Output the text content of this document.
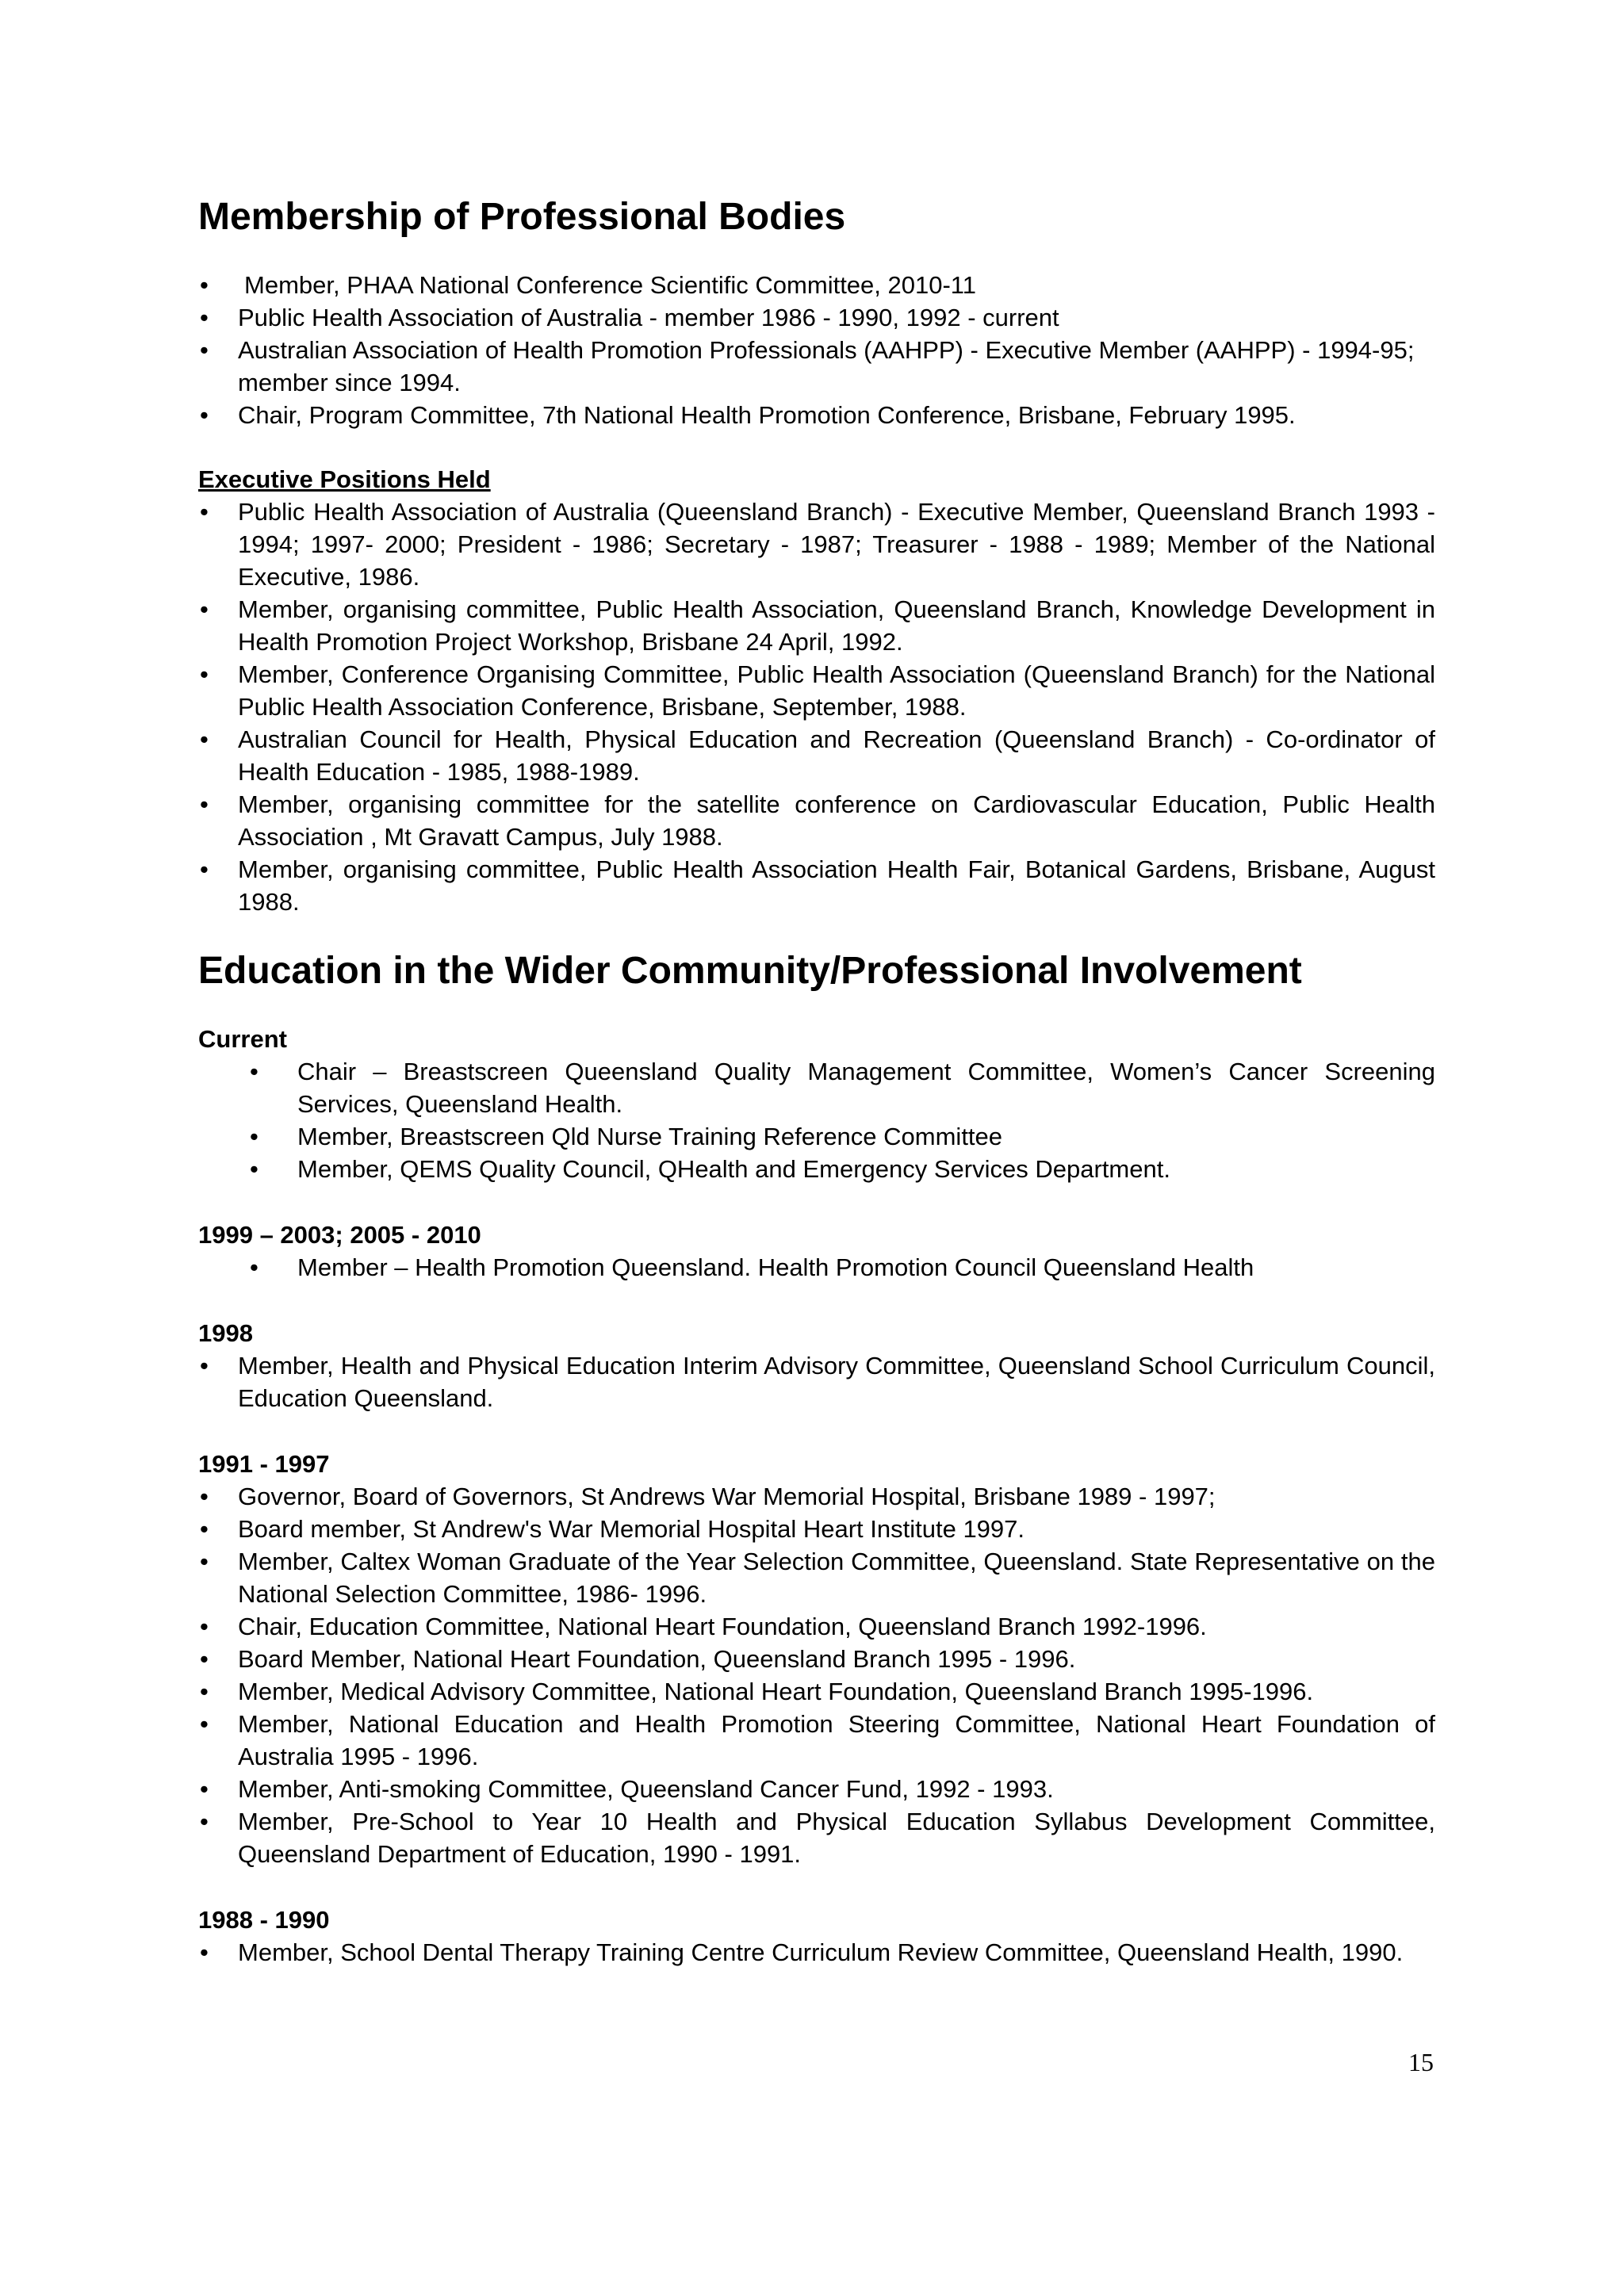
Membership of Professional Bodies
• Member, PHAA National Conference Scientific Committee, 2010-11
• Public Health Association of Australia - member 1986 - 1990, 1992 - current
• Australian Association of Health Promotion Professionals (AAHPP) - Executive Member (AAHPP) - 1994-95; member since 1994.
• Chair, Program Committee, 7th National Health Promotion Conference, Brisbane, February 1995.

Executive Positions Held

• Public Health Association of Australia (Queensland Branch) - Executive Member, Queensland Branch 1993 - 1994; 1997- 2000; President - 1986; Secretary - 1987; Treasurer - 1988 - 1989; Member of the National Executive, 1986.
• Member, organising committee, Public Health Association, Queensland Branch, Knowledge Development in Health Promotion Project Workshop, Brisbane 24 April, 1992.
• Member, Conference Organising Committee, Public Health Association (Queensland Branch) for the National Public Health Association Conference, Brisbane, September, 1988.
• Australian Council for Health, Physical Education and Recreation (Queensland Branch) - Co-ordinator of Health Education - 1985, 1988-1989.
• Member, organising committee for the satellite conference on Cardiovascular Education, Public Health Association , Mt Gravatt Campus, July 1988.
• Member, organising committee, Public Health Association Health Fair, Botanical Gardens, Brisbane, August 1988.
Education in the Wider Community/Professional Involvement

Current

• Chair – Breastscreen Queensland Quality Management Committee, Women’s Cancer Screening Services, Queensland Health.
• Member, Breastscreen Qld Nurse Training Reference Committee
• Member, QEMS Quality Council, QHealth and Emergency Services Department.

1999 – 2003; 2005 - 2010

• Member – Health Promotion Queensland. Health Promotion Council Queensland Health

1998

• Member, Health and Physical Education Interim Advisory Committee, Queensland School Curriculum Council, Education Queensland.

1991 - 1997

• Governor, Board of Governors, St Andrews War Memorial Hospital, Brisbane 1989 - 1997;
• Board member, St Andrew's War Memorial Hospital Heart Institute 1997.
• Member, Caltex Woman Graduate of the Year Selection Committee, Queensland. State Representative on the National Selection Committee, 1986- 1996.
• Chair, Education Committee, National Heart Foundation, Queensland Branch 1992-1996.
• Board Member, National Heart Foundation, Queensland Branch 1995 - 1996.
• Member, Medical Advisory Committee, National Heart Foundation, Queensland Branch 1995-1996.
• Member, National Education and Health Promotion Steering Committee, National Heart Foundation of Australia 1995 - 1996.
• Member, Anti-smoking Committee, Queensland Cancer Fund, 1992 - 1993.
• Member, Pre-School to Year 10 Health and Physical Education Syllabus Development Committee, Queensland Department of Education, 1990 - 1991.

1988 - 1990

• Member, School Dental Therapy Training Centre Curriculum Review Committee, Queensland Health, 1990.
15
